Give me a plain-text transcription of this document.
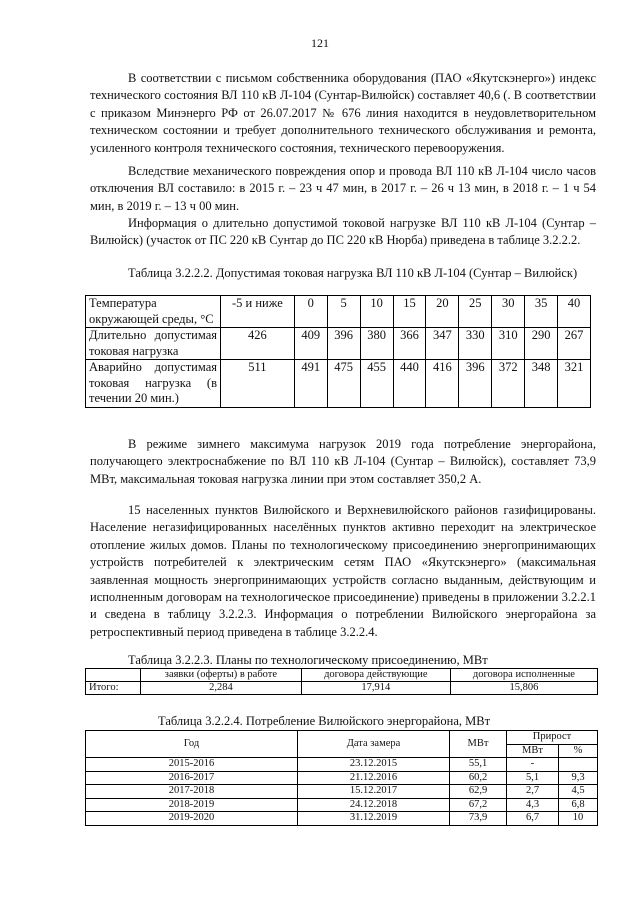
121

В соответствии с письмом собственника оборудования (ПАО «Якутскэнерго») индекс технического состояния ВЛ 110 кВ Л-104 (Сунтар-Вилюйск) составляет 40,6 (. В соответствии с приказом Минэнерго РФ от 26.07.2017 № 676 линия находится в неудовлетворительном техническом состоянии и требует дополнительного технического обслуживания и ремонта, усиленного контроля технического состояния, технического перевооружения.

Вследствие механического повреждения опор и провода ВЛ 110 кВ Л-104 число часов отключения ВЛ составило: в 2015 г. – 23 ч 47 мин, в 2017 г. – 26 ч 13 мин, в 2018 г. – 1 ч 54 мин, в 2019 г. – 13 ч 00 мин.

Информация о длительно допустимой токовой нагрузке ВЛ 110 кВ Л-104 (Сунтар – Вилюйск) (участок от ПС 220 кВ Сунтар до ПС 220 кВ Нюрба) приведена в таблице 3.2.2.2.

Таблица 3.2.2.2. Допустимая токовая нагрузка ВЛ 110 кВ Л-104 (Сунтар – Вилюйск)

Температура окружающей среды, °С	-5 и ниже	0	5	10	15	20	25	30	35	40
Длительно допустимая токовая нагрузка	426	409	396	380	366	347	330	310	290	267
Аварийно допустимая токовая нагрузка (в течении 20 мин.)	511	491	475	455	440	416	396	372	348	321

В режиме зимнего максимума нагрузок 2019 года потребление энергорайона, получающего электроснабжение по ВЛ 110 кВ Л-104 (Сунтар – Вилюйск), составляет 73,9 МВт, максимальная токовая нагрузка линии при этом составляет 350,2 А.

15 населенных пунктов Вилюйского и Верхневилюйского районов газифицированы. Население негазифицированных населённых пунктов активно переходит на электрическое отопление жилых домов. Планы по технологическому присоединению энергопринимающих устройств потребителей к электрическим сетям ПАО «Якутскэнерго» (максимальная заявленная мощность энергопринимающих устройств согласно выданным, действующим и исполненным договорам на технологическое присоединение) приведены в приложении 3.2.2.1 и сведена в таблицу 3.2.2.3. Информация о потреблении Вилюйского энергорайона за ретроспективный период приведена в таблице 3.2.2.4.

Таблица 3.2.2.3. Планы по технологическому присоединению, МВт

	заявки (оферты) в работе	договора действующие	договора исполненные
Итого:	2,284	17,914	15,806

Таблица 3.2.2.4. Потребление Вилюйского энергорайона, МВт

Год	Дата замера	МВт	Прирост	
			МВт	%
2015-2016	23.12.2015	55,1	-	
2016-2017	21.12.2016	60,2	5,1	9,3
2017-2018	15.12.2017	62,9	2,7	4,5
2018-2019	24.12.2018	67,2	4,3	6,8
2019-2020	31.12.2019	73,9	6,7	10
